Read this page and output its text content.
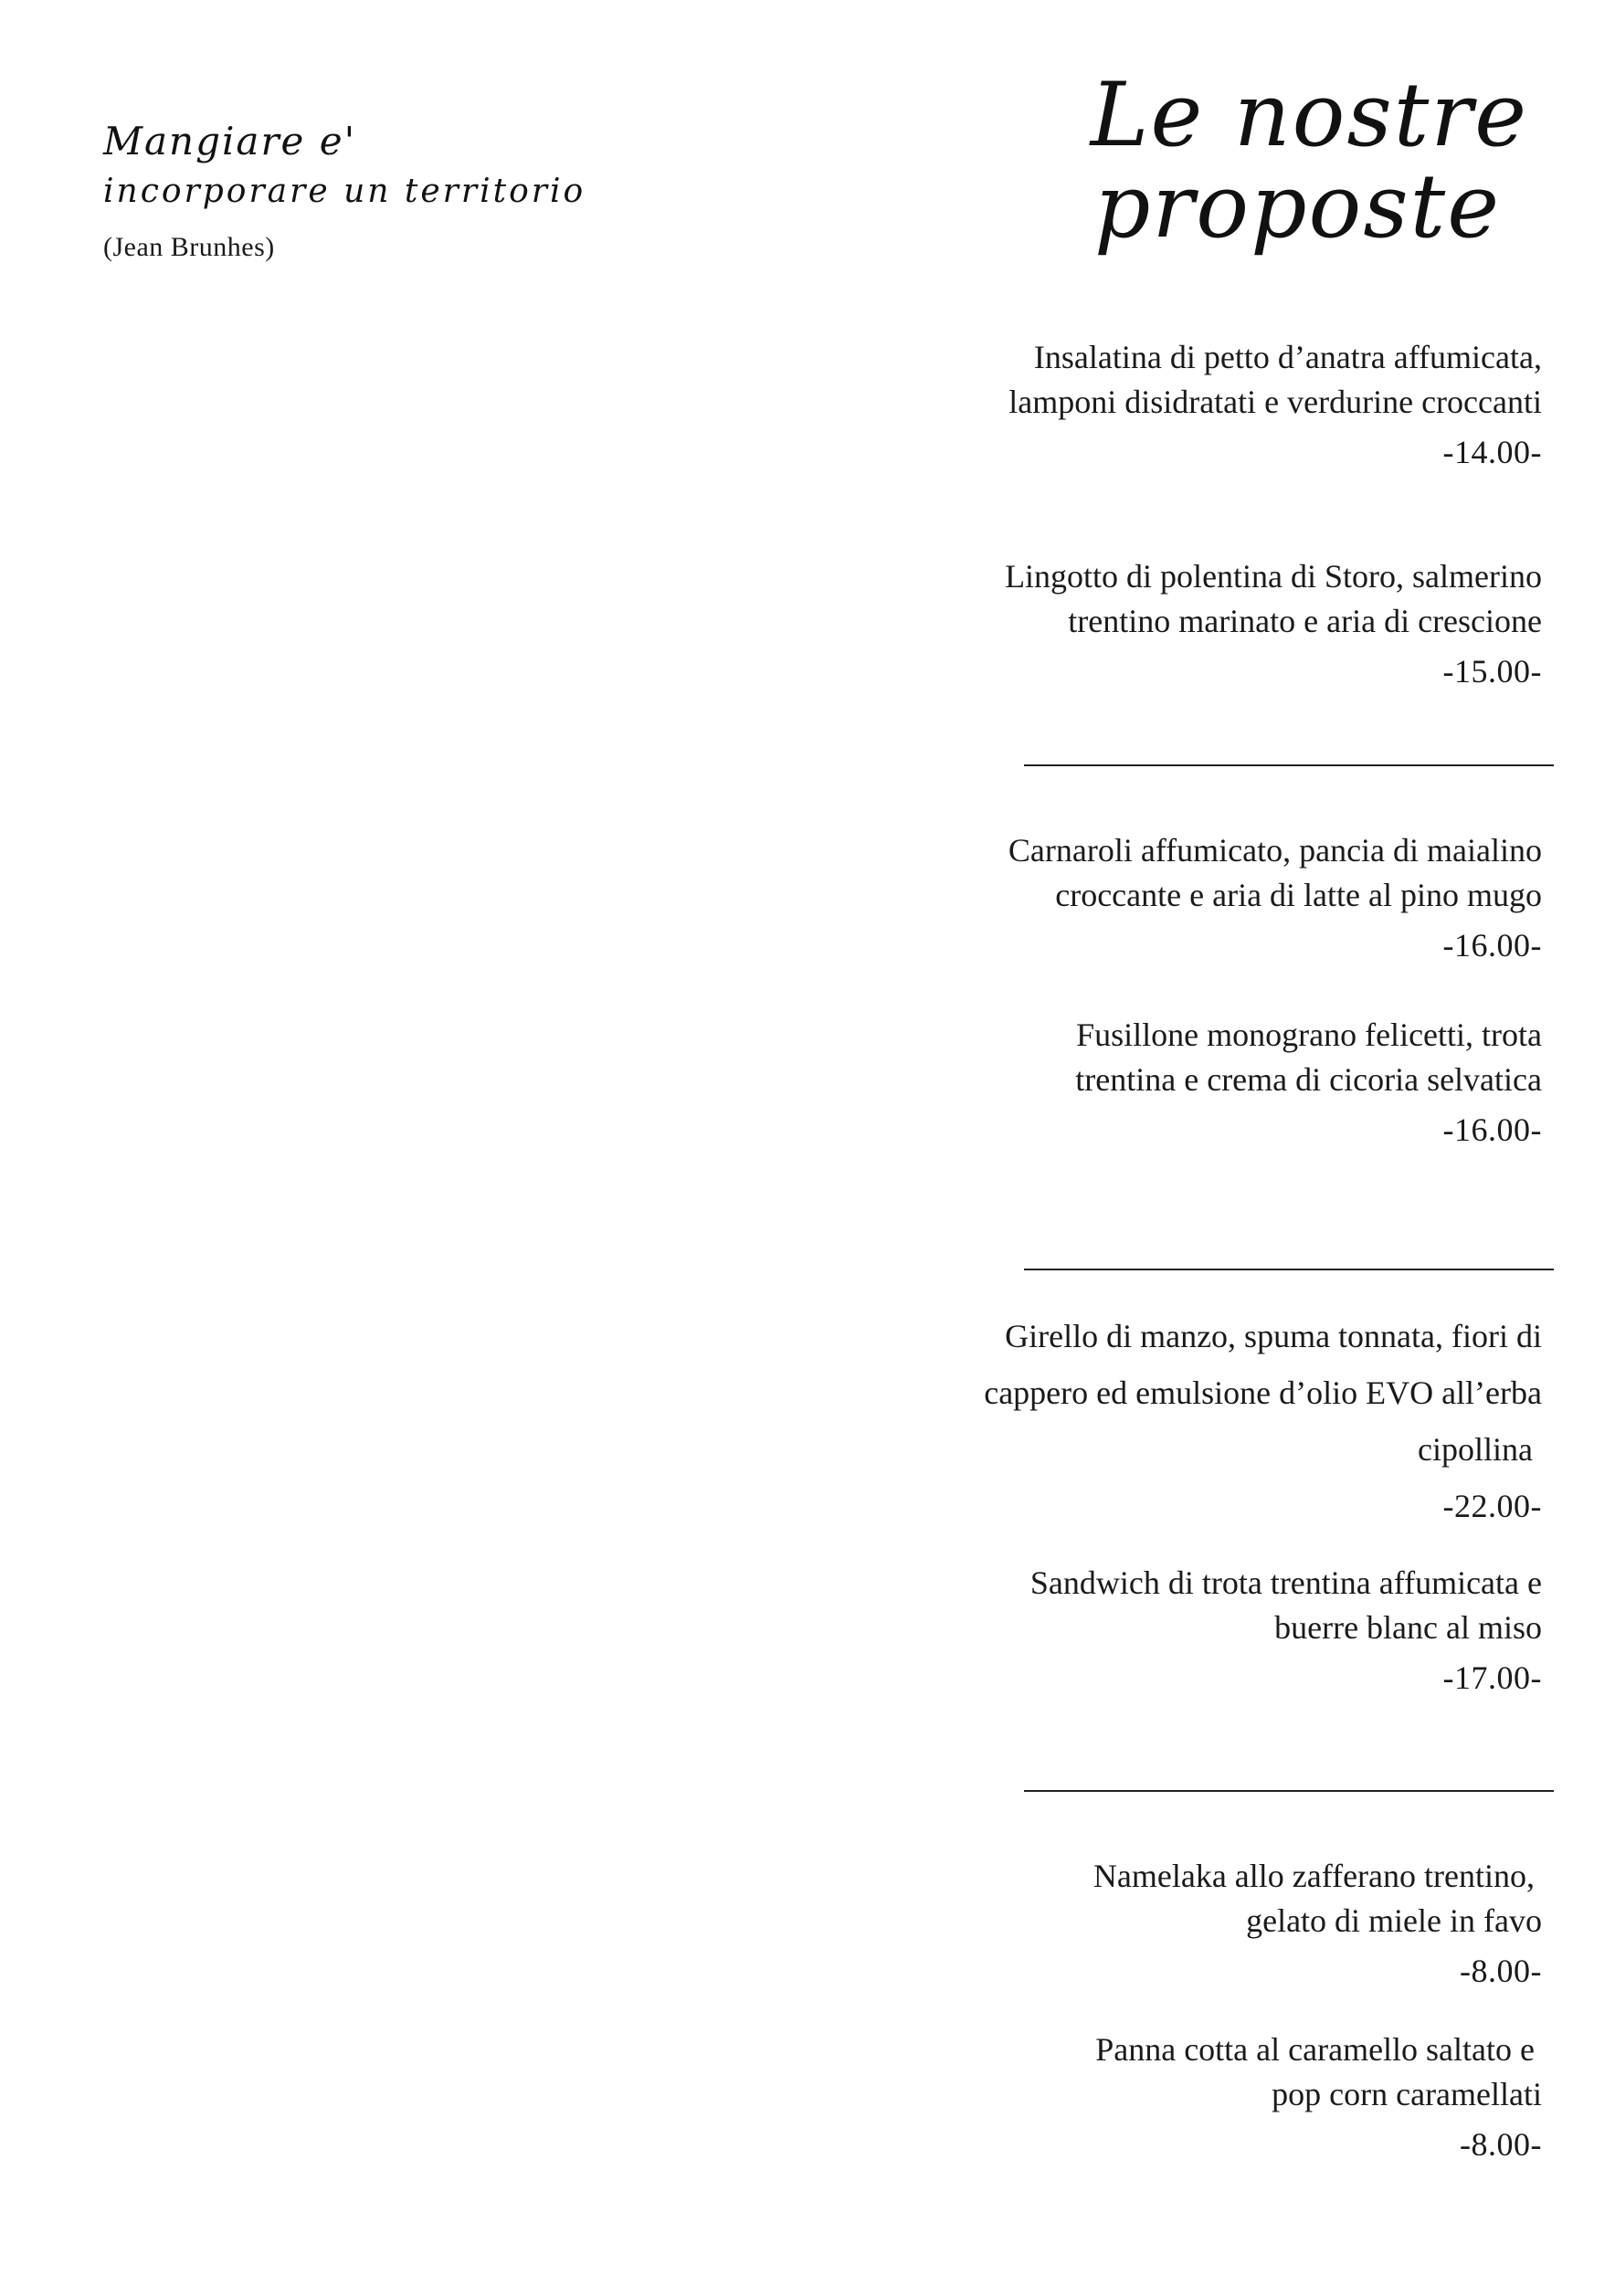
Mangiare e'
incorporare un territorio
(Jean Brunhes)
Le nostre
proposte
Insalatina di petto d’anatra affumicata,
lamponi disidratati e verdurine croccanti
-14.00-
Lingotto di polentina di Storo, salmerino
trentino marinato e aria di crescione
-15.00-
Carnaroli affumicato, pancia di maialino
croccante e aria di latte al pino mugo
-16.00-
Fusillone monograno felicetti, trota
trentina e crema di cicoria selvatica
-16.00-
Girello di manzo, spuma tonnata, fiori di
cappero ed emulsione d’olio EVO all’erba
cipollina
-22.00-
Sandwich di trota trentina affumicata e
buerre blanc al miso
-17.00-
Namelaka allo zafferano trentino,
gelato di miele in favo
-8.00-
Panna cotta al caramello saltato e
pop corn caramellati
-8.00-
